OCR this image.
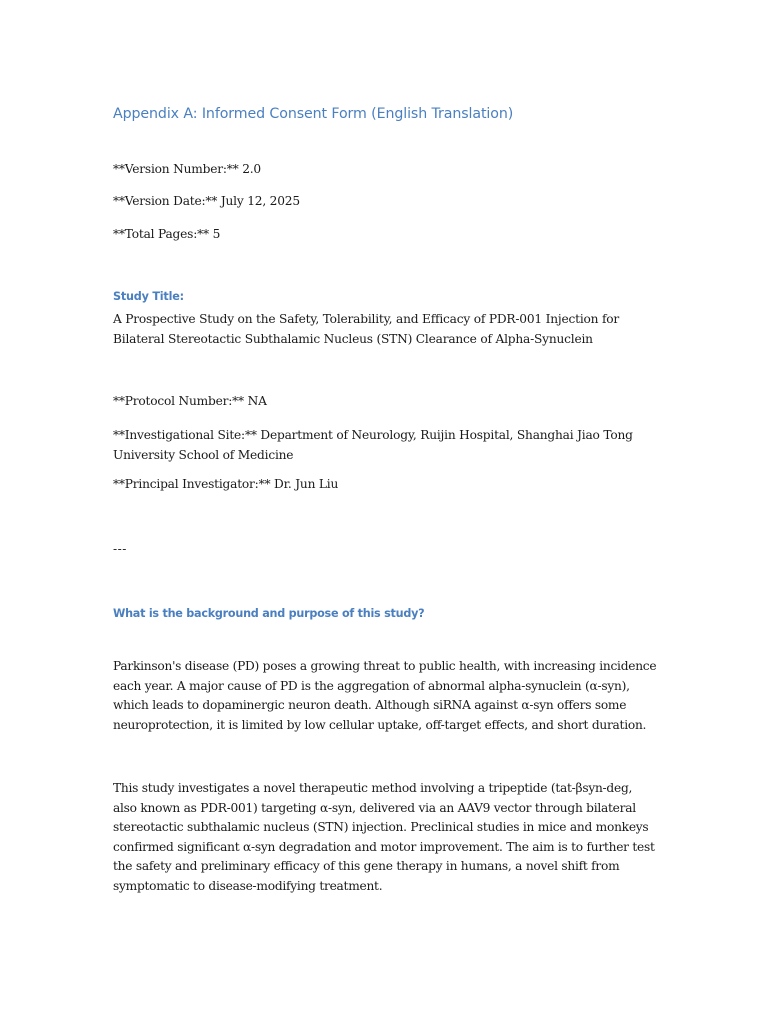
Appendix A: Informed Consent Form (English Translation)
**Version Number:** 2.0
**Version Date:** July 12, 2025
**Total Pages:** 5
Study Title:
A Prospective Study on the Safety, Tolerability, and Efficacy of PDR-001 Injection for Bilateral Stereotactic Subthalamic Nucleus (STN) Clearance of Alpha-Synuclein
**Protocol Number:** NA
**Investigational Site:** Department of Neurology, Ruijin Hospital, Shanghai Jiao Tong University School of Medicine
**Principal Investigator:** Dr. Jun Liu
---
What is the background and purpose of this study?
Parkinson's disease (PD) poses a growing threat to public health, with increasing incidence each year. A major cause of PD is the aggregation of abnormal alpha-synuclein (α-syn), which leads to dopaminergic neuron death. Although siRNA against α-syn offers some neuroprotection, it is limited by low cellular uptake, off-target effects, and short duration.
This study investigates a novel therapeutic method involving a tripeptide (tat-βsyn-deg, also known as PDR-001) targeting α-syn, delivered via an AAV9 vector through bilateral stereotactic subthalamic nucleus (STN) injection. Preclinical studies in mice and monkeys confirmed significant α-syn degradation and motor improvement. The aim is to further test the safety and preliminary efficacy of this gene therapy in humans, a novel shift from symptomatic to disease-modifying treatment.
